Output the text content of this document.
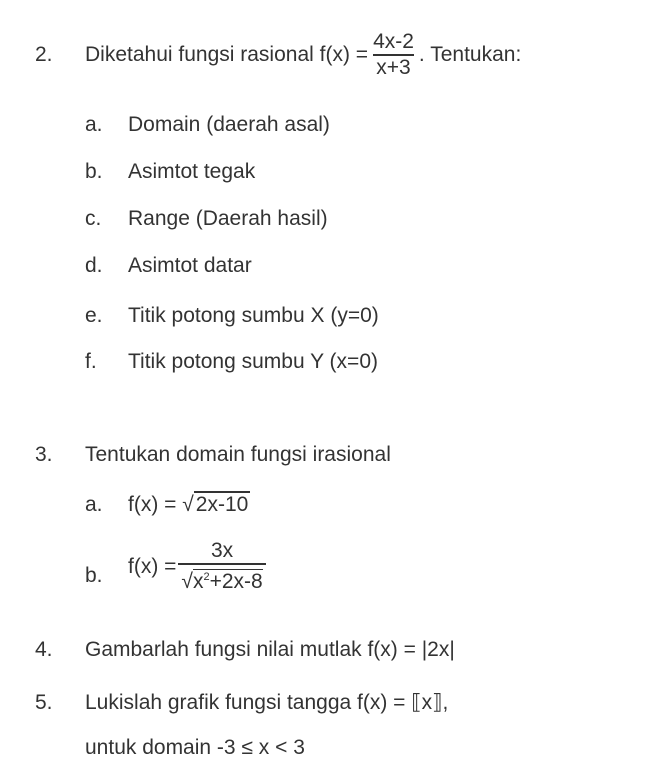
2. Diketahui fungsi rasional $f(x) = \frac{4x-2}{x+3}$ . Tentukan:
a. Domain (daerah asal)
b. Asimtot tegak
c. Range (Daerah hasil)
d. Asimtot datar
e. Titik potong sumbu X (y=0)
f. Titik potong sumbu Y (x=0)
3. Tentukan domain fungsi irasional
a. f(x) = √2x-10
b. $f(x) = \frac{3x}{√x^2+2x-8}$
4. Gambarlah fungsi nilai mutlak f(x) = |2x|
5. Lukislah grafik fungsi tangga f(x) = ⟦x⟧,
untuk domain -3 ≤ x < 3
